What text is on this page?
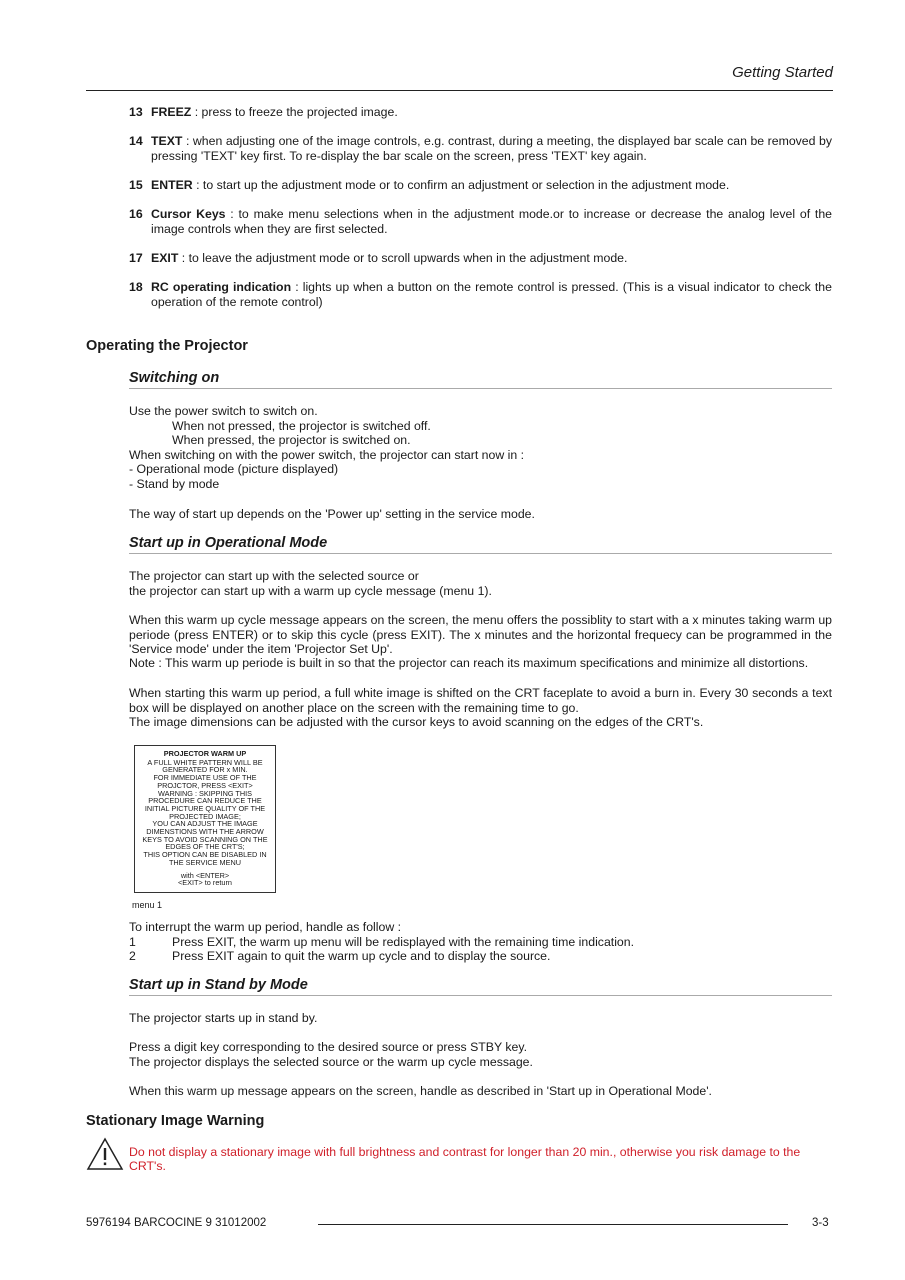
Getting Started
13 FREEZ : press to freeze the projected image.
14 TEXT : when adjusting one of the image controls, e.g. contrast, during a meeting, the displayed bar scale can be removed by pressing 'TEXT' key first. To re-display the bar scale on the screen, press 'TEXT' key again.
15 ENTER : to start up the adjustment mode or to confirm an adjustment or selection in the adjustment mode.
16 Cursor Keys : to make menu selections when in the adjustment mode.or to increase or decrease the analog level of the image controls when they are first selected.
17 EXIT : to leave the adjustment mode or to scroll upwards when in the adjustment mode.
18 RC operating indication : lights up when a button on the remote control is pressed. (This is a visual indicator to check the operation of the remote control)
Operating the Projector
Switching on
Use the power switch to switch on.
When not pressed, the projector is switched off.
When pressed, the projector is switched on.
When switching on with the power switch, the projector can start now in :
- Operational mode (picture displayed)
- Stand by mode
The way of start up depends on the 'Power up' setting in the service mode.
Start up in Operational Mode
The projector can start up with the selected source or
the projector can start up with a warm up cycle message (menu 1).
When this warm up cycle message appears on the screen, the menu offers the possiblity to start with a x minutes taking warm up periode (press ENTER) or to skip this cycle (press EXIT). The x minutes and the horizontal frequecy can be programmed in the 'Service mode' under the item 'Projector Set Up'.
Note : This warm up periode is built in so that the projector can reach its maximum specifications and minimize all distortions.
When starting this warm up period, a full white image is shifted on the CRT faceplate to avoid a burn in. Every 30 seconds a text box will be displayed on another place on the screen with the remaining time to go.
The image dimensions can be adjusted with the cursor keys to avoid scanning on the edges of the CRT's.
PROJECTOR WARM UP
A FULL WHITE PATTERN WILL BE
GENERATED FOR x MIN.
FOR IMMEDIATE USE OF THE
PROJCTOR, PRESS <EXIT>
WARNING : SKIPPING THIS
PROCEDURE CAN REDUCE THE
INITIAL PICTURE QUALITY OF THE
PROJECTED IMAGE;
YOU CAN ADJUST THE IMAGE
DIMENSTIONS WITH THE ARROW
KEYS TO AVOID SCANNING ON THE
EDGES OF THE CRT'S;
THIS OPTION CAN BE DISABLED IN
THE SERVICE MENU
with <ENTER>
<EXIT> to return
menu 1
To interrupt the warm up period, handle as follow :
1	Press EXIT, the warm up menu will be redisplayed with the remaining time indication.
2	Press EXIT again to quit the warm up cycle and to display the source.
Start up in Stand by Mode
The projector starts up in stand by.
Press a digit key corresponding to the desired source or press STBY key.
The projector displays the selected source or the warm up cycle message.
When this warm up message appears on the screen, handle as described in 'Start up in Operational Mode'.
Stationary Image Warning
Do not display a stationary image with full brightness and contrast for longer than 20 min., otherwise you risk damage to the CRT's.
5976194 BARCOCINE 9 31012002	3-3
